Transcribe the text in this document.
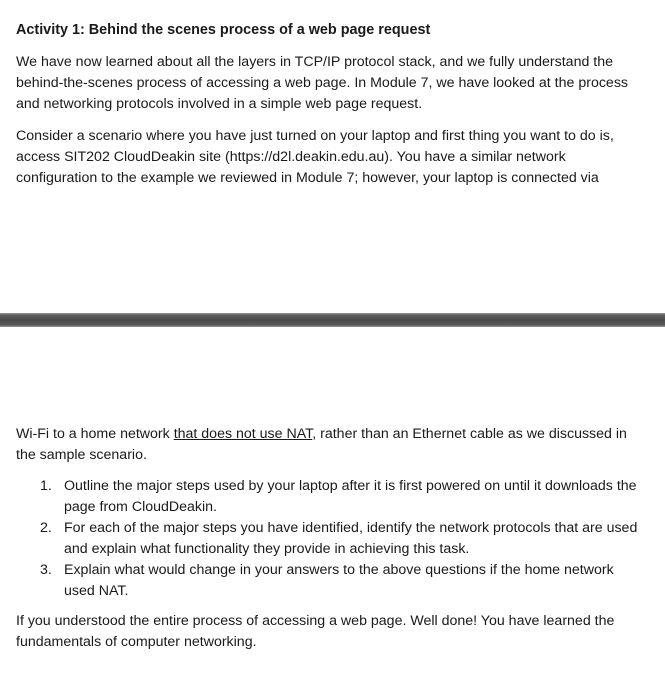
Activity 1: Behind the scenes process of a web page request

We have now learned about all the layers in TCP/IP protocol stack, and we fully understand the behind-the-scenes process of accessing a web page. In Module 7, we have looked at the process and networking protocols involved in a simple web page request.

Consider a scenario where you have just turned on your laptop and first thing you want to do is, access SIT202 CloudDeakin site (https://d2l.deakin.edu.au). You have a similar network configuration to the example we reviewed in Module 7; however, your laptop is connected via

Wi-Fi to a home network that does not use NAT, rather than an Ethernet cable as we discussed in the sample scenario.

1. Outline the major steps used by your laptop after it is first powered on until it downloads the page from CloudDeakin.
2. For each of the major steps you have identified, identify the network protocols that are used and explain what functionality they provide in achieving this task.
3. Explain what would change in your answers to the above questions if the home network used NAT.

If you understood the entire process of accessing a web page. Well done! You have learned the fundamentals of computer networking.
